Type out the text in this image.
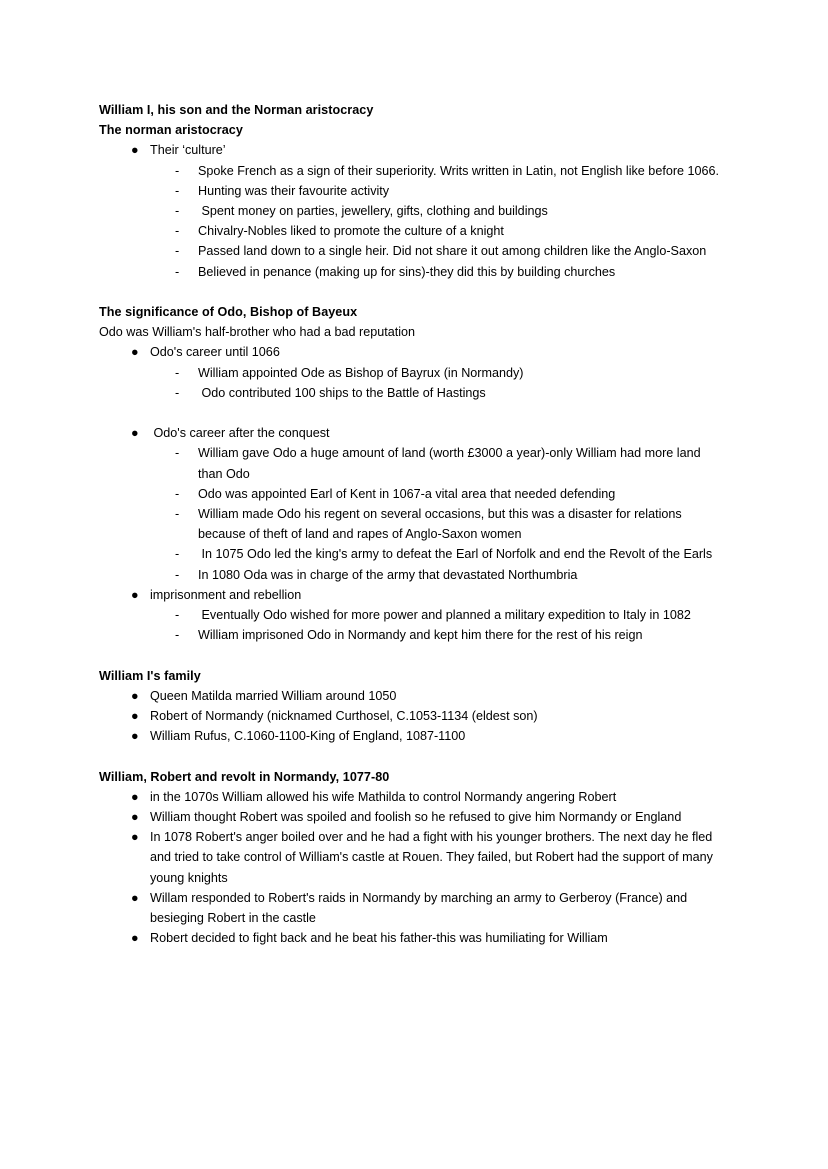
William I, his son and the Norman aristocracy
The norman aristocracy
● Their ‘culture’
- Spoke French as a sign of their superiority. Writs written in Latin, not English like before 1066.
- Hunting was their favourite activity
- Spent money on parties, jewellery, gifts, clothing and buildings
- Chivalry-Nobles liked to promote the culture of a knight
- Passed land down to a single heir. Did not share it out among children like the Anglo-Saxon
- Believed in penance (making up for sins)-they did this by building churches
The significance of Odo, Bishop of Bayeux
Odo was William's half-brother who had a bad reputation
● Odo's career until 1066
- William appointed Ode as Bishop of Bayrux (in Normandy)
- Odo contributed 100 ships to the Battle of Hastings
● Odo's career after the conquest
- William gave Odo a huge amount of land (worth £3000 a year)-only William had more land than Odo
- Odo was appointed Earl of Kent in 1067-a vital area that needed defending
- William made Odo his regent on several occasions, but this was a disaster for relations because of theft of land and rapes of Anglo-Saxon women
- In 1075 Odo led the king's army to defeat the Earl of Norfolk and end the Revolt of the Earls
- In 1080 Oda was in charge of the army that devastated Northumbria
● imprisonment and rebellion
- Eventually Odo wished for more power and planned a military expedition to Italy in 1082
- William imprisoned Odo in Normandy and kept him there for the rest of his reign
William I's family
● Queen Matilda married William around 1050
● Robert of Normandy (nicknamed Curthosel, C.1053-1134 (eldest son)
● William Rufus, C.1060-1100-King of England, 1087-1100
William, Robert and revolt in Normandy, 1077-80
● in the 1070s William allowed his wife Mathilda to control Normandy angering Robert
● William thought Robert was spoiled and foolish so he refused to give him Normandy or England
● In 1078 Robert's anger boiled over and he had a fight with his younger brothers. The next day he fled and tried to take control of William's castle at Rouen. They failed, but Robert had the support of many young knights
● Willam responded to Robert's raids in Normandy by marching an army to Gerberoy (France) and besieging Robert in the castle
● Robert decided to fight back and he beat his father-this was humiliating for William
